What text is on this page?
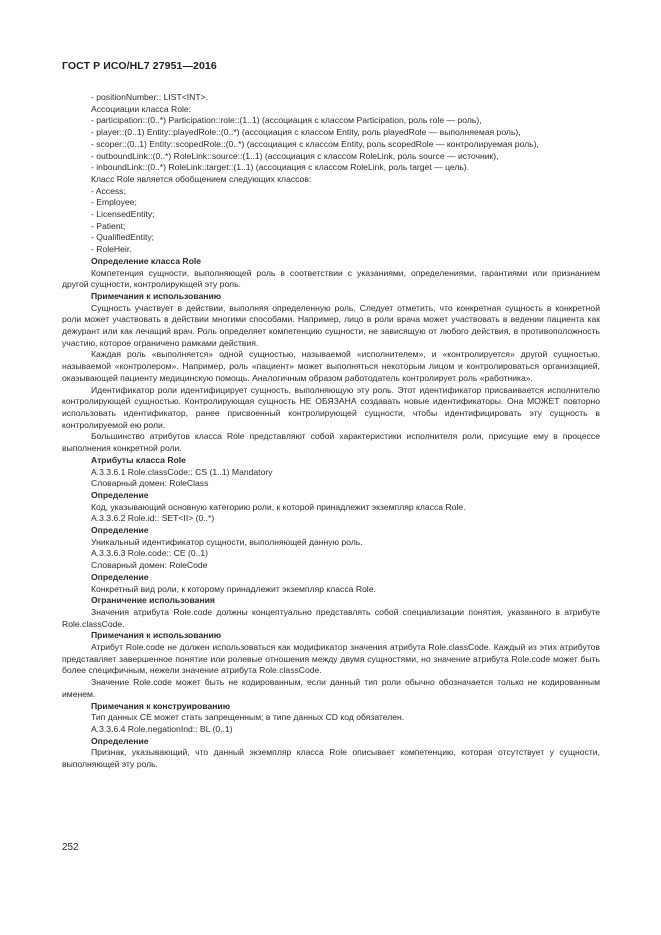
ГОСТ Р ИСО/HL7 27951—2016

- positionNumber:: LIST<INT>.

Ассоциации класса Role:

- participation::(0..*) Participation::role::(1..1) (ассоциация с классом Participation, роль role — роль),

- player::(0..1) Entity::playedRole::(0..*) (ассоциация с классом Entity, роль playedRole — выполняемая роль),

- scoper::(0..1) Entity::scopedRole::(0..*) (ассоциация с классом Entity, роль scopedRole — контролируемая роль),

- outboundLink::(0..*) RoleLink::source::(1..1) (ассоциация с классом RoleLink, роль source — источник),

- inboundLink::(0..*) RoleLink::target::(1..1) (ассоциация с классом RoleLink, роль target — цель).

Класс Role является обобщением следующих классов:

- Access;

- Employee;

- LicensedEntity;

- Patient;

- QualifiedEntity;

- RoleHeir.

Определение класса Role

Компетенция сущности, выполняющей роль в соответствии с указаниями, определениями, гарантиями или признанием другой сущности, контролирующей эту роль.

Примечания к использованию

Сущность участвует в действии, выполняя определенную роль. Следует отметить, что конкретная сущность в конкретной роли может участвовать в действии многими способами. Например, лицо в роли врача может участвовать в ведении пациента как дежурант или как лечащий врач. Роль определяет компетенцию сущности, не зависящую от любого действия, в противоположность участию, которое ограничено рамками действия.

Каждая роль «выполняется» одной сущностью, называемой «исполнителем», и «контролируется» другой сущностью, называемой «контролером». Например, роль «пациент» может выполняться некоторым лицом и контролироваться организацией, оказывающей пациенту медицинскую помощь. Аналогичным образом работодатель контролирует роль «работника».

Идентификатор роли идентифицирует сущность, выполняющую эту роль. Этот идентификатор присваивается исполнителю контролирующей сущностью. Контролирующая сущность НЕ ОБЯЗАНА создавать новые идентификаторы. Она МОЖЕТ повторно использовать идентификатор, ранее присвоенный контролирующей сущности, чтобы идентифицировать эту сущность в контролируемой ею роли.

Большинство атрибутов класса Role представляют собой характеристики исполнителя роли, присущие ему в процессе выполнения конкретной роли.

Атрибуты класса Role

A.3.3.6.1 Role.classCode:: CS (1..1) Mandatory

Словарный домен: RoleClass

Определение

Код, указывающий основную категорию роли, к которой принадлежит экземпляр класса Role.

A.3.3.6.2 Role.id:: SET<II> (0..*)

Определение

Уникальный идентификатор сущности, выполняющей данную роль.

A.3.3.6.3 Role.code:: CE (0..1)

Словарный домен: RoleCode

Определение

Конкретный вид роли, к которому принадлежит экземпляр класса Role.

Ограничение использования

Значения атрибута Role.code должны концептуально представлять собой специализации понятия, указанного в атрибуте Role.classCode.

Примечания к использованию

Атрибут Role.code не должен использоваться как модификатор значения атрибута Role.classCode. Каждый из этих атрибутов представляет завершенное понятие или ролевые отношения между двумя сущностями, но значение атрибута Role.code может быть более специфичным, нежели значение атрибута Role.classCode.

Значение Role.code может быть не кодированным, если данный тип роли обычно обозначается только не кодированным именем.

Примечания к конструированию

Тип данных CE может стать запрещенным; в типе данных CD код обязателен.

A.3.3.6.4 Role.negationInd:: BL (0..1)

Определение

Признак, указывающий, что данный экземпляр класса Role описывает компетенцию, которая отсутствует у сущности, выполняющей эту роль.

252
